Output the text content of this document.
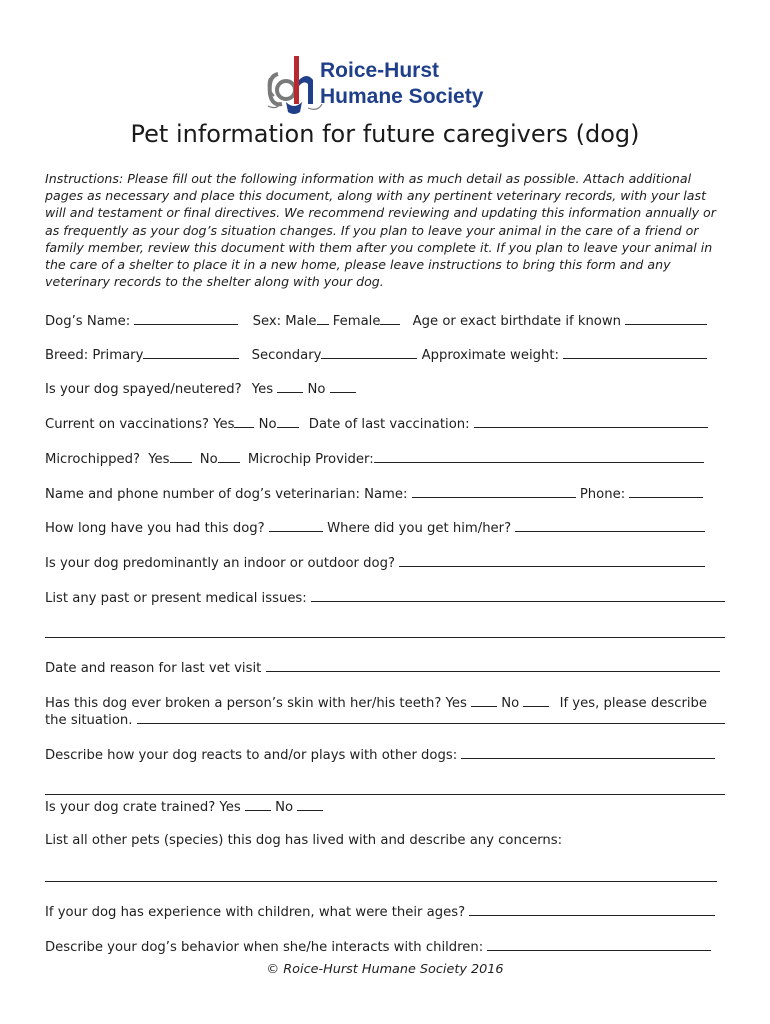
Roice-Hurst
Humane Society
Pet information for future caregivers (dog)
Instructions: Please fill out the following information with as much detail as possible. Attach additional pages as necessary and place this document, along with any pertinent veterinary records, with your last will and testament or final directives. We recommend reviewing and updating this information annually or as frequently as your dog’s situation changes. If you plan to leave your animal in the care of a friend or family member, review this document with them after you complete it. If you plan to leave your animal in the care of a shelter to place it in a new home, please leave instructions to bring this form and any veterinary records to the shelter along with your dog.
Dog’s Name:	Sex: Male Female Age or exact birthdate if known
Breed: Primary	Secondary	Approximate weight:
Is your dog spayed/neutered? Yes	No
Current on vaccinations? Yes No Date of last vaccination:
Microchipped? Yes No Microchip Provider:
Name and phone number of dog’s veterinarian: Name:	Phone:
How long have you had this dog?	Where did you get him/her?
Is your dog predominantly an indoor or outdoor dog?
List any past or present medical issues:
Date and reason for last vet visit
Has this dog ever broken a person’s skin with her/his teeth? Yes	No	If yes, please describe
the situation.
Describe how your dog reacts to and/or plays with other dogs:
Is your dog crate trained? Yes	No
List all other pets (species) this dog has lived with and describe any concerns:
If your dog has experience with children, what were their ages?
Describe your dog’s behavior when she/he interacts with children:
© Roice-Hurst Humane Society 2016
